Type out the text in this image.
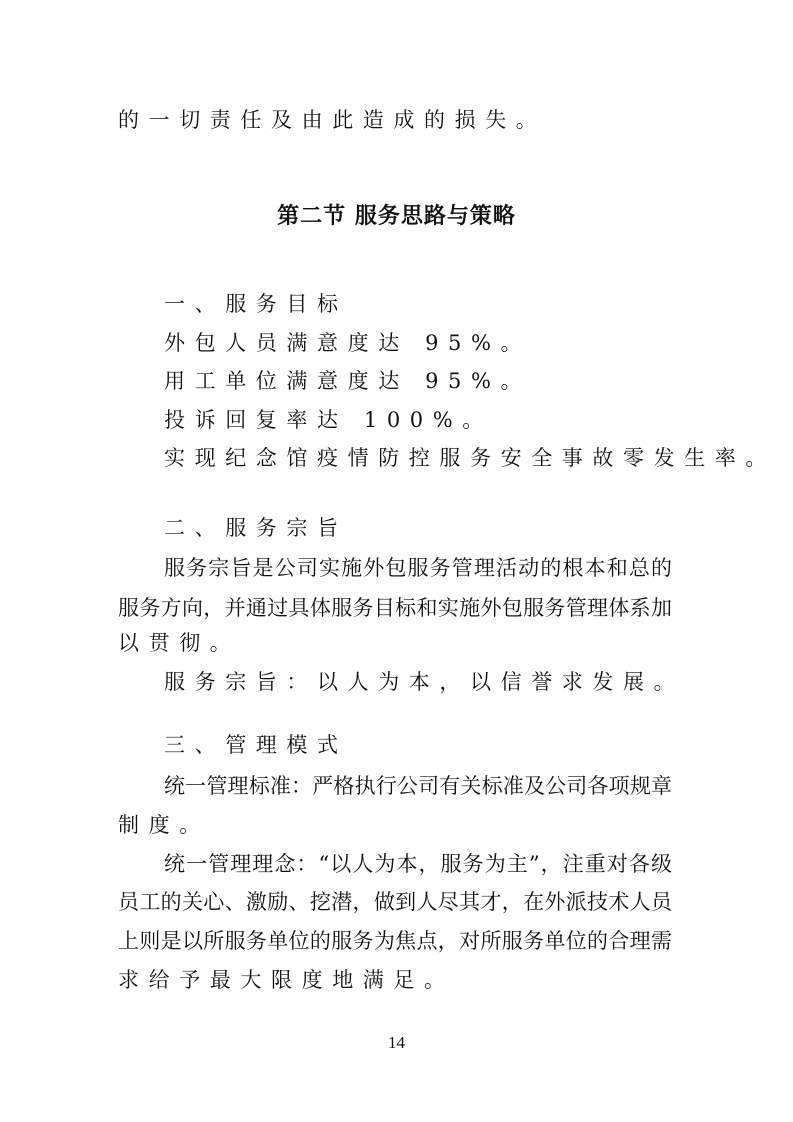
的一切责任及由此造成的损失。
第二节 服务思路与策略
一、服务目标
外包人员满意度达 95%。
用工单位满意度达 95%。
投诉回复率达 100%。
实现纪念馆疫情防控服务安全事故零发生率。
二、服务宗旨
服务宗旨是公司实施外包服务管理活动的根本和总的
服务方向，并通过具体服务目标和实施外包服务管理体系加
以贯彻。
服务宗旨：以人为本，以信誉求发展。
三、管理模式
统一管理标准：严格执行公司有关标准及公司各项规章
制度。
统一管理理念：“以人为本，服务为主”，注重对各级
员工的关心、激励、挖潜，做到人尽其才，在外派技术人员
上则是以所服务单位的服务为焦点，对所服务单位的合理需
求给予最大限度地满足。
14
